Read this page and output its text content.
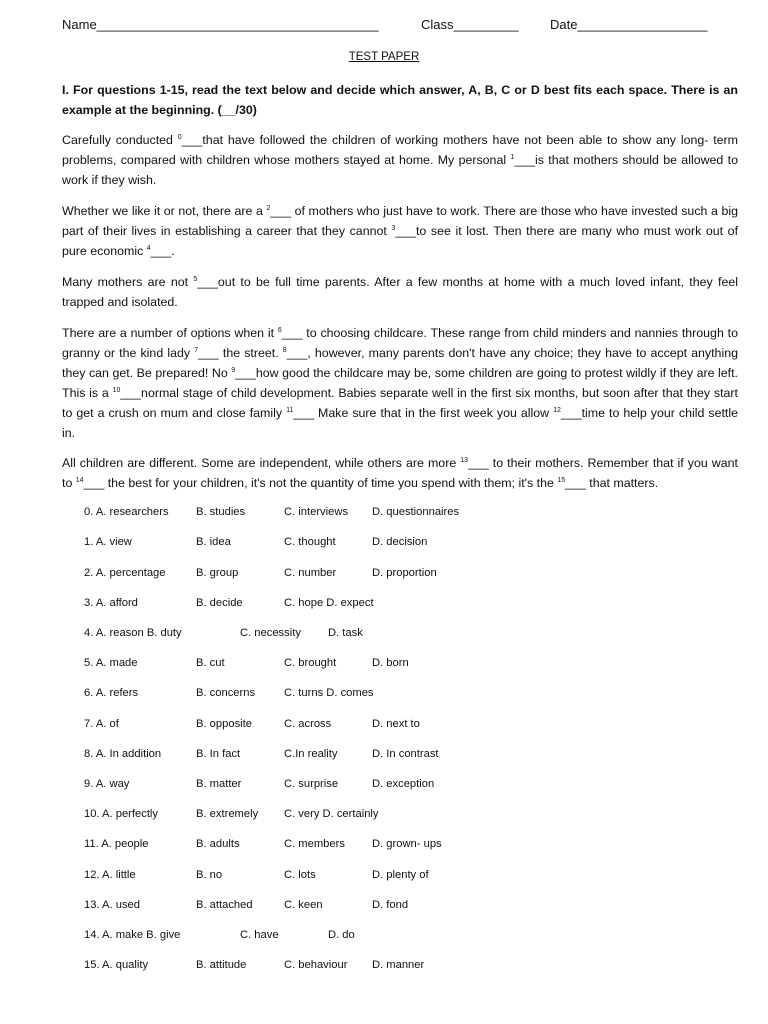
Name_______________________________________	Class_________ Date__________________
TEST PAPER

I. For questions 1-15, read the text below and decide which answer, A, B, C or D best fits each space. There is an example at the beginning. (__/30)

Carefully conducted $^0$___that have followed the children of working mothers have not been able to show any long- term problems, compared with children whose mothers stayed at home. My personal $^1$___is that mothers should be allowed to work if they wish.

Whether we like it or not, there are a $^2$___ of mothers who just have to work. There are those who have invested such a big part of their lives in establishing a career that they cannot $^3$___to see it lost. Then there are many who must work out of pure economic $^4$___.

Many mothers are not $^5$___out to be full time parents. After a few months at home with a much loved infant, they feel trapped and isolated.

There are a number of options when it $^6$___ to choosing childcare. These range from child minders and nannies through to granny or the kind lady $^7$___ the street. $^8$___, however, many parents don't have any choice; they have to accept anything they can get. Be prepared! No $^9$___how good the childcare may be, some children are going to protest wildly if they are left. This is a $^{10}$___normal stage of child development. Babies separate well in the first six months, but soon after that they start to get a crush on mum and close family $^{11}$___ Make sure that in the first week you allow $^{12}$___time to help your child settle in.

All children are different. Some are independent, while others are more $^{13}$___ to their mothers. Remember that if you want to $^{14}$___ the best for your children, it's not the quantity of time you spend with them; it's the $^{15}$___ that matters.

0. A. researchers B. studies	C. interviews D. questionnaires
1. A. view	B. idea	C. thought	D. decision
2. A. percentage	B. group	C. number	D. proportion
3. A. afford	B. decide	C. hope D. expect
4. A. reason B. duty	C. necessity D. task
5. A. made	B. cut	C. brought	D. born
6. A. refers	B. concerns	C. turns D. comes
7. A. of	B. opposite	C. across	D. next to
8. A. In addition	B. In fact	C.In reality	D. In contrast
9. A. way	B. matter	C. surprise	D. exception
10. A. perfectly	B. extremely C. very D. certainly
11. A. people	B. adults	C. members D. grown- ups
12. A. little	B. no	C. lots	D. plenty of
13. A. used	B. attached	C. keen	D. fond
14. A. make B. give	C. have	D. do
15. A. quality	B. attitude	C. behaviour D. manner
